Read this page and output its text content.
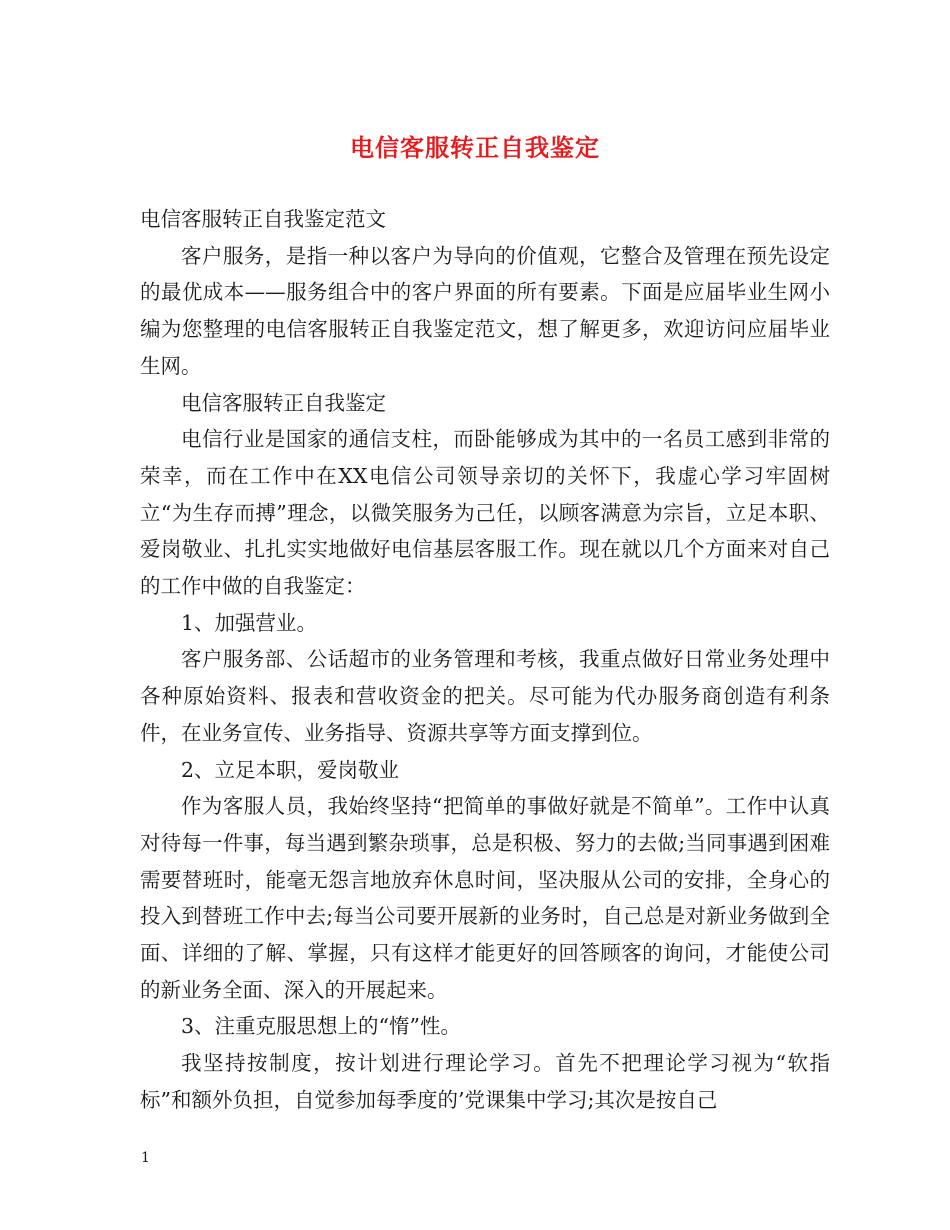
电信客服转正自我鉴定

电信客服转正自我鉴定范文

客户服务，是指一种以客户为导向的价值观，它整合及管理在预先设定的最优成本——服务组合中的客户界面的所有要素。下面是应届毕业生网小编为您整理的电信客服转正自我鉴定范文，想了解更多，欢迎访问应届毕业生网。

电信客服转正自我鉴定

电信行业是国家的通信支柱，而卧能够成为其中的一名员工感到非常的荣幸，而在工作中在XX电信公司领导亲切的关怀下，我虚心学习牢固树立“为生存而搏”理念，以微笑服务为己任，以顾客满意为宗旨，立足本职、爱岗敬业、扎扎实实地做好电信基层客服工作。现在就以几个方面来对自己的工作中做的自我鉴定：

1、加强营业。

客户服务部、公话超市的业务管理和考核，我重点做好日常业务处理中各种原始资料、报表和营收资金的把关。尽可能为代办服务商创造有利条件，在业务宣传、业务指导、资源共享等方面支撑到位。

2、立足本职，爱岗敬业

作为客服人员，我始终坚持“把简单的事做好就是不简单”。工作中认真对待每一件事，每当遇到繁杂琐事，总是积极、努力的去做;当同事遇到困难需要替班时，能毫无怨言地放弃休息时间，坚决服从公司的安排，全身心的投入到替班工作中去;每当公司要开展新的业务时，自己总是对新业务做到全面、详细的了解、掌握，只有这样才能更好的回答顾客的询问，才能使公司的新业务全面、深入的开展起来。

3、注重克服思想上的“惰”性。

我坚持按制度，按计划进行理论学习。首先不把理论学习视为“软指标”和额外负担，自觉参加每季度的’党课集中学习;其次是按自己

1
